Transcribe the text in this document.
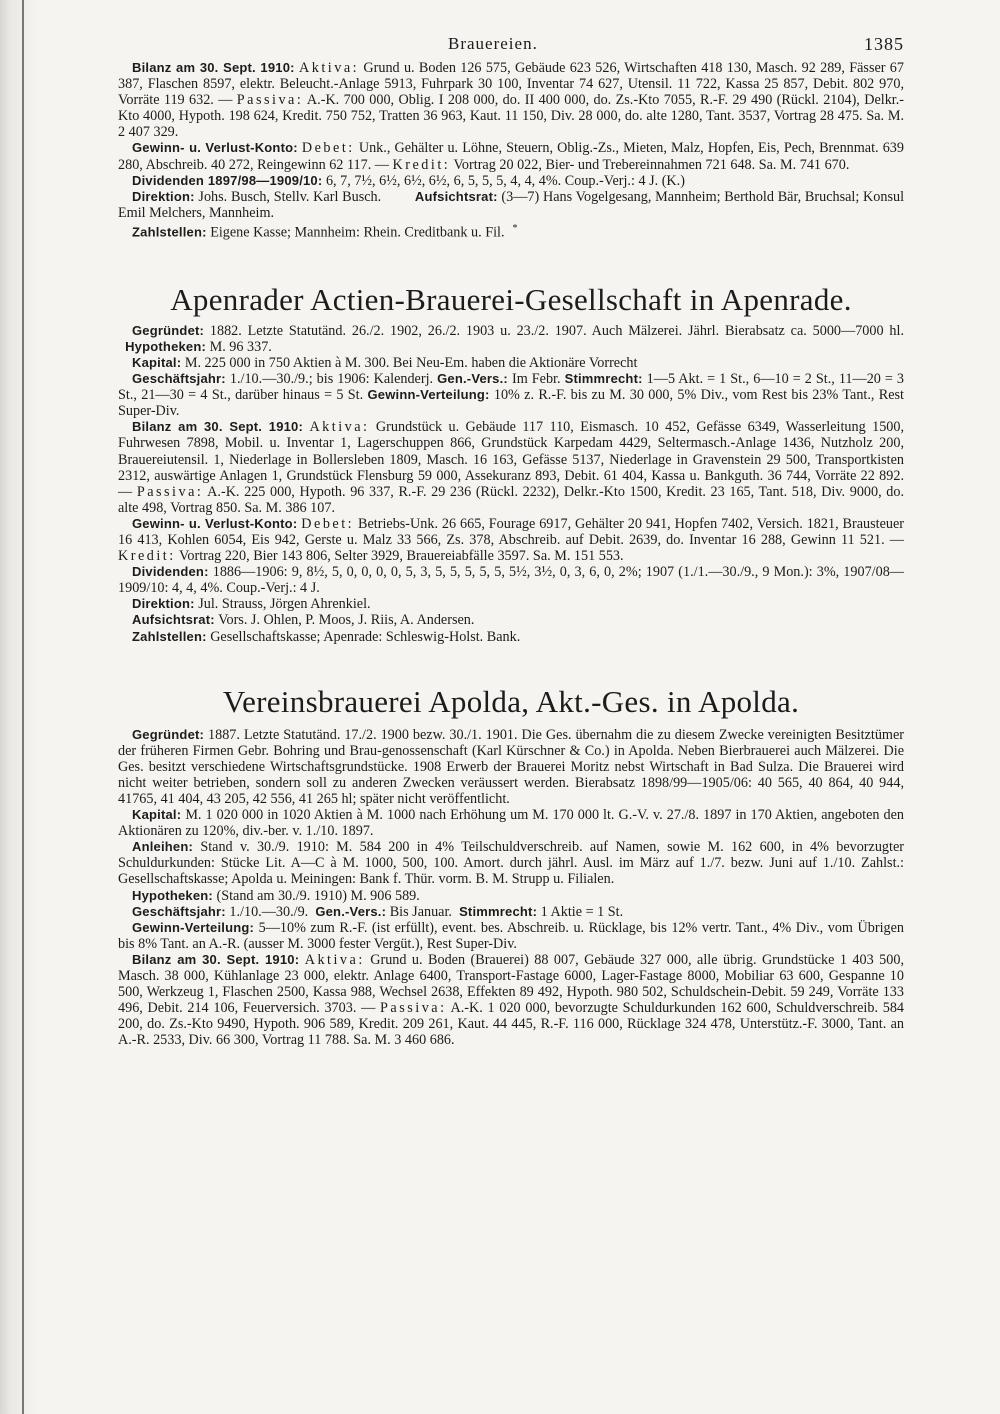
Brauereien.	1385

Bilanz am 30. Sept. 1910: Aktiva: Grund u. Boden 126 575, Gebäude 623 526, Wirtschaften 418 130, Masch. 92 289, Fässer 67 387, Flaschen 8597, elektr. Beleucht.-Anlage 5913, Fuhrpark 30 100, Inventar 74 627, Utensil. 11 722, Kassa 25 857, Debit. 802 970, Vorräte 119 632. — Passiva: A.-K. 700 000, Oblig. I 208 000, do. II 400 000, do. Zs.-Kto 7055, R.-F. 29 490 (Rückl. 2104), Delkr.-Kto 4000, Hypoth. 198 624, Kredit. 750 752, Tratten 36 963, Kaut. 11 150, Div. 28 000, do. alte 1280, Tant. 3537, Vortrag 28 475. Sa. M. 2 407 329.

Gewinn- u. Verlust-Konto: Debet: Unk., Gehälter u. Löhne, Steuern, Oblig.-Zs., Mieten, Malz, Hopfen, Eis, Pech, Brennmat. 639 280, Abschreib. 40 272, Reingewinn 62 117. — Kredit: Vortrag 20 022, Bier- und Trebereinnahmen 721 648. Sa. M. 741 670.

Dividenden 1897/98—1909/10: 6, 7, 7½, 6½, 6½, 6½, 6, 5, 5, 5, 4, 4, 4%. Coup.-Verj.: 4 J. (K.)

Direktion: Johs. Busch, Stellv. Karl Busch.	Aufsichtsrat: (3—7) Hans Vogelgesang, Mannheim; Berthold Bär, Bruchsal; Konsul Emil Melchers, Mannheim.

Zahlstellen: Eigene Kasse; Mannheim: Rhein. Creditbank u. Fil. *

Apenrader Actien-Brauerei-Gesellschaft in Apenrade.

Gegründet: 1882. Letzte Statutänd. 26./2. 1902, 26./2. 1903 u. 23./2. 1907. Auch Mälzerei. Jährl. Bierabsatz ca. 5000—7000 hl.   Hypotheken: M. 96 337.

Kapital: M. 225 000 in 750 Aktien à M. 300. Bei Neu-Em. haben die Aktionäre Vorrecht

Geschäftsjahr: 1./10.—30./9.; bis 1906: Kalenderj. Gen.-Vers.: Im Febr. Stimmrecht: 1—5 Akt. = 1 St., 6—10 = 2 St., 11—20 = 3 St., 21—30 = 4 St., darüber hinaus = 5 St. Gewinn-Verteilung: 10% z. R.-F. bis zu M. 30 000, 5% Div., vom Rest bis 23% Tant., Rest Super-Div.

Bilanz am 30. Sept. 1910: Aktiva: Grundstück u. Gebäude 117 110, Eismasch. 10 452, Gefässe 6349, Wasserleitung 1500, Fuhrwesen 7898, Mobil. u. Inventar 1, Lagerschuppen 866, Grundstück Karpedam 4429, Seltermasch.-Anlage 1436, Nutzholz 200, Brauereiutensil. 1, Niederlage in Bollersleben 1809, Masch. 16 163, Gefässe 5137, Niederlage in Gravenstein 29 500, Transportkisten 2312, auswärtige Anlagen 1, Grundstück Flensburg 59 000, Assekuranz 893, Debit. 61 404, Kassa u. Bankguth. 36 744, Vorräte 22 892. — Passiva: A.-K. 225 000, Hypoth. 96 337, R.-F. 29 236 (Rückl. 2232), Delkr.-Kto 1500, Kredit. 23 165, Tant. 518, Div. 9000, do. alte 498, Vortrag 850. Sa. M. 386 107.

Gewinn- u. Verlust-Konto: Debet: Betriebs-Unk. 26 665, Fourage 6917, Gehälter 20 941, Hopfen 7402, Versich. 1821, Brausteuer 16 413, Kohlen 6054, Eis 942, Gerste u. Malz 33 566, Zs. 378, Abschreib. auf Debit. 2639, do. Inventar 16 288, Gewinn 11 521. — Kredit: Vortrag 220, Bier 143 806, Selter 3929, Brauereiabfälle 3597. Sa. M. 151 553.

Dividenden: 1886—1906: 9, 8½, 5, 0, 0, 0, 0, 5, 3, 5, 5, 5, 5, 5, 5½, 3½, 0, 3, 6, 0, 2%; 1907 (1./1.—30./9., 9 Mon.): 3%, 1907/08—1909/10: 4, 4, 4%. Coup.-Verj.: 4 J.

Direktion: Jul. Strauss, Jörgen Ahrenkiel.

Aufsichtsrat: Vors. J. Ohlen, P. Moos, J. Riis, A. Andersen.

Zahlstellen: Gesellschaftskasse; Apenrade: Schleswig-Holst. Bank.

Vereinsbrauerei Apolda, Akt.-Ges. in Apolda.

Gegründet: 1887. Letzte Statutänd. 17./2. 1900 bezw. 30./1. 1901. Die Ges. übernahm die zu diesem Zwecke vereinigten Besitztümer der früheren Firmen Gebr. Bohring und Brau-genossenschaft (Karl Kürschner & Co.) in Apolda. Neben Bierbrauerei auch Mälzerei. Die Ges. besitzt verschiedene Wirtschaftsgrundstücke. 1908 Erwerb der Brauerei Moritz nebst Wirtschaft in Bad Sulza. Die Brauerei wird nicht weiter betrieben, sondern soll zu anderen Zwecken veräussert werden. Bierabsatz 1898/99—1905/06: 40 565, 40 864, 40 944, 41765, 41 404, 43 205, 42 556, 41 265 hl; später nicht veröffentlicht.

Kapital: M. 1 020 000 in 1020 Aktien à M. 1000 nach Erhöhung um M. 170 000 lt. G.-V. v. 27./8. 1897 in 170 Aktien, angeboten den Aktionären zu 120%, div.-ber. v. 1./10. 1897.

Anleihen: Stand v. 30./9. 1910: M. 584 200 in 4% Teilschuldverschreib. auf Namen, sowie M. 162 600, in 4% bevorzugter Schuldurkunden: Stücke Lit. A—C à M. 1000, 500, 100. Amort. durch jährl. Ausl. im März auf 1./7. bezw. Juni auf 1./10. Zahlst.: Gesellschaftskasse; Apolda u. Meiningen: Bank f. Thür. vorm. B. M. Strupp u. Filialen.

Hypotheken: (Stand am 30./9. 1910) M. 906 589.

Geschäftsjahr: 1./10.—30./9. Gen.-Vers.: Bis Januar. Stimmrecht: 1 Aktie = 1 St.

Gewinn-Verteilung: 5—10% zum R.-F. (ist erfüllt), event. bes. Abschreib. u. Rücklage, bis 12% vertr. Tant., 4% Div., vom Übrigen bis 8% Tant. an A.-R. (ausser M. 3000 fester Vergüt.), Rest Super-Div.

Bilanz am 30. Sept. 1910: Aktiva: Grund u. Boden (Brauerei) 88 007, Gebäude 327 000, alle übrig. Grundstücke 1 403 500, Masch. 38 000, Kühlanlage 23 000, elektr. Anlage 6400, Transport-Fastage 6000, Lager-Fastage 8000, Mobiliar 63 600, Gespanne 10 500, Werkzeug 1, Flaschen 2500, Kassa 988, Wechsel 2638, Effekten 89 492, Hypoth. 980 502, Schuldschein-Debit. 59 249, Vorräte 133 496, Debit. 214 106, Feuerversich. 3703. — Passiva: A.-K. 1 020 000, bevorzugte Schuldurkunden 162 600, Schuldverschreib. 584 200, do. Zs.-Kto 9490, Hypoth. 906 589, Kredit. 209 261, Kaut. 44 445, R.-F. 116 000, Rücklage 324 478, Unterstütz.-F. 3000, Tant. an A.-R. 2533, Div. 66 300, Vortrag 11 788. Sa. M. 3 460 686.
